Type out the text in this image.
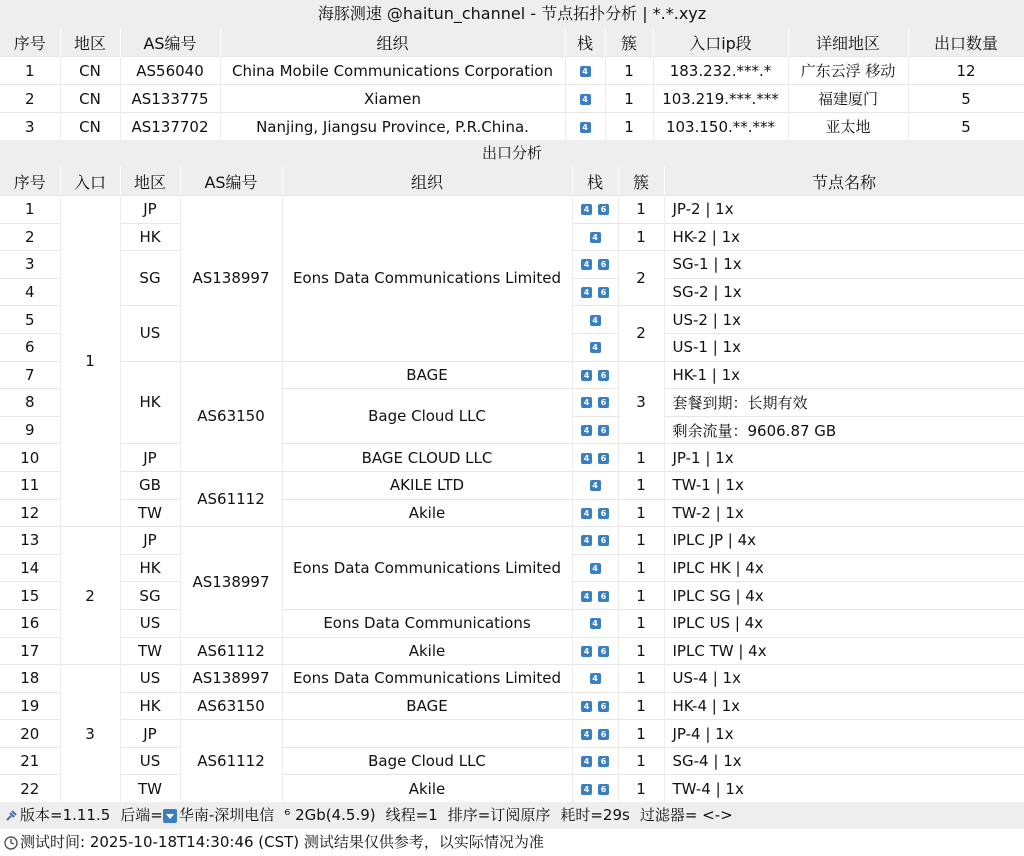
海豚测速 @haitun_channel - 节点拓扑分析 | *.*.xyz
序号	地区	AS编号	组织	栈	簇	入口ip段	详细地区	出口数量
1	CN	AS56040	China Mobile Communications Corporation	4	1	183.232.***.*	广东云浮 移动	12
2	CN	AS133775	Xiamen	4	1	103.219.***.***	福建厦门	5
3	CN	AS137702	Nanjing, Jiangsu Province, P.R.China.	4	1	103.150.**.***	亚太地	5
出口分析
序号	入口	地区	AS编号	组织	栈	簇	节点名称
1	1	JP	AS138997	Eons Data Communications Limited	4 6	1	JP-2 | 1x
2		HK			4	1	HK-2 | 1x
3		SG			4 6	2	SG-1 | 1x
4					4 6		SG-2 | 1x
5		US			4	2	US-2 | 1x
6					4		US-1 | 1x
7		HK	AS63150	BAGE	4 6	3	HK-1 | 1x
8				Bage Cloud LLC	4 6		套餐到期：长期有效
9					4 6		剩余流量：9606.87 GB
10		JP		BAGE CLOUD LLC	4 6	1	JP-1 | 1x
11		GB	AS61112	AKILE LTD	4	1	TW-1 | 1x
12		TW		Akile	4 6	1	TW-2 | 1x
13	2	JP	AS138997	Eons Data Communications Limited	4 6	1	IPLC JP | 4x
14		HK			4	1	IPLC HK | 4x
15		SG			4 6	1	IPLC SG | 4x
16		US		Eons Data Communications	4	1	IPLC US | 4x
17		TW	AS61112	Akile	4 6	1	IPLC TW | 4x
18	3	US	AS138997	Eons Data Communications Limited	4	1	US-4 | 1x
19		HK	AS63150	BAGE	4 6	1	HK-4 | 1x
20		JP	AS61112		4 6	1	JP-4 | 1x
21		US		Bage Cloud LLC	4 6	1	SG-4 | 1x
22		TW		Akile	4 6	1	TW-4 | 1x
版本=1.11.5 后端= 华南-深圳电信 ⁶ 2Gb(4.5.9) 线程=1 排序=订阅原序 耗时=29s 过滤器= <->
测试时间: 2025-10-18T14:30:46 (CST) 测试结果仅供参考，以实际情况为准
